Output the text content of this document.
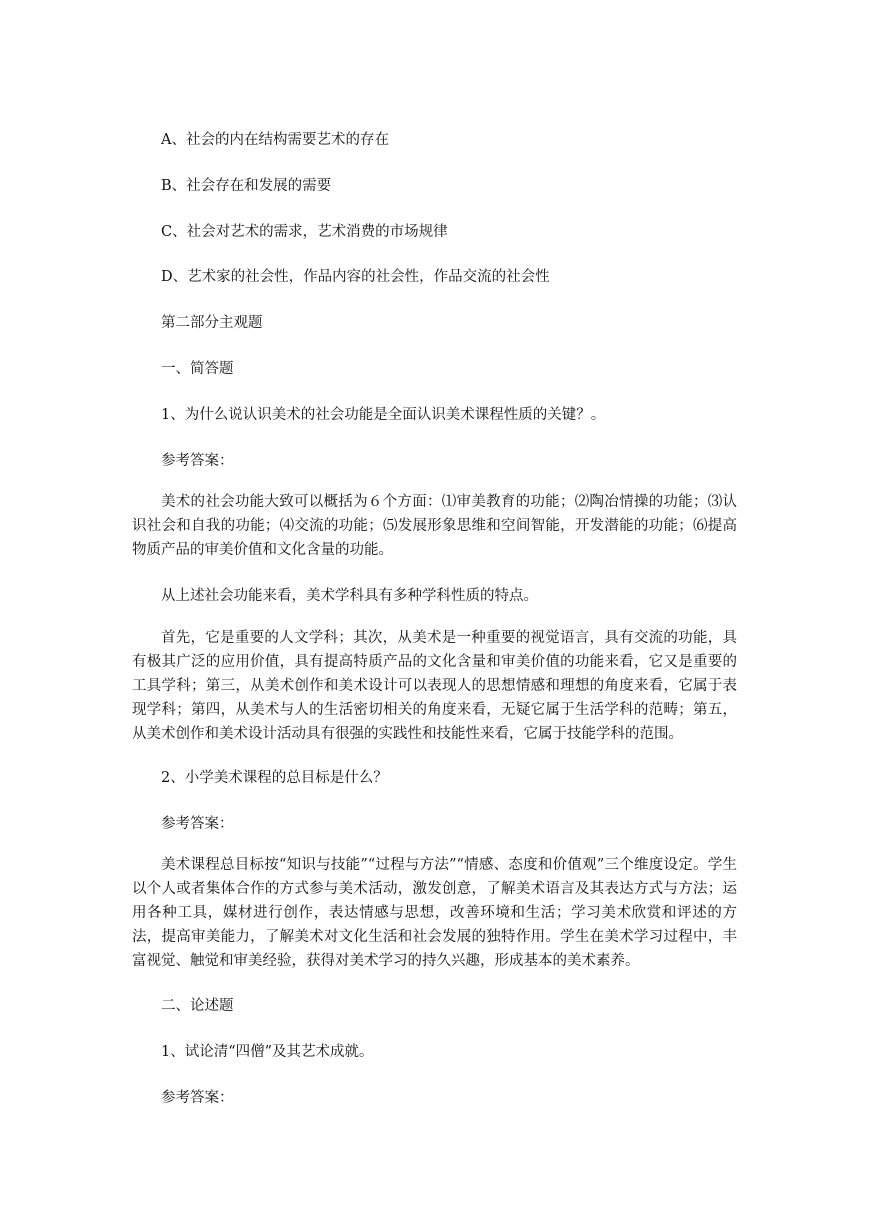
A、社会的内在结构需要艺术的存在
B、社会存在和发展的需要
C、社会对艺术的需求，艺术消费的市场规律
D、艺术家的社会性，作品内容的社会性，作品交流的社会性
第二部分主观题
一、简答题
1、为什么说认识美术的社会功能是全面认识美术课程性质的关键？。
参考答案：
美术的社会功能大致可以概括为６个方面：⑴审美教育的功能；⑵陶冶情操的功能；⑶认识社会和自我的功能；⑷交流的功能；⑸发展形象思维和空间智能，开发潜能的功能；⑹提高物质产品的审美价值和文化含量的功能。
从上述社会功能来看，美术学科具有多种学科性质的特点。
首先，它是重要的人文学科；其次，从美术是一种重要的视觉语言，具有交流的功能，具有极其广泛的应用价值，具有提高特质产品的文化含量和审美价值的功能来看，它又是重要的工具学科；第三，从美术创作和美术设计可以表现人的思想情感和理想的角度来看，它属于表现学科；第四，从美术与人的生活密切相关的角度来看，无疑它属于生活学科的范畴；第五，从美术创作和美术设计活动具有很强的实践性和技能性来看，它属于技能学科的范围。
2、小学美术课程的总目标是什么？
参考答案：
美术课程总目标按“知识与技能”“过程与方法”“情感、态度和价值观”三个维度设定。学生以个人或者集体合作的方式参与美术活动，激发创意，了解美术语言及其表达方式与方法；运用各种工具，媒材进行创作，表达情感与思想，改善环境和生活；学习美术欣赏和评述的方法，提高审美能力，了解美术对文化生活和社会发展的独特作用。学生在美术学习过程中，丰富视觉、触觉和审美经验，获得对美术学习的持久兴趣，形成基本的美术素养。
二、论述题
1、试论清“四僧”及其艺术成就。
参考答案：
